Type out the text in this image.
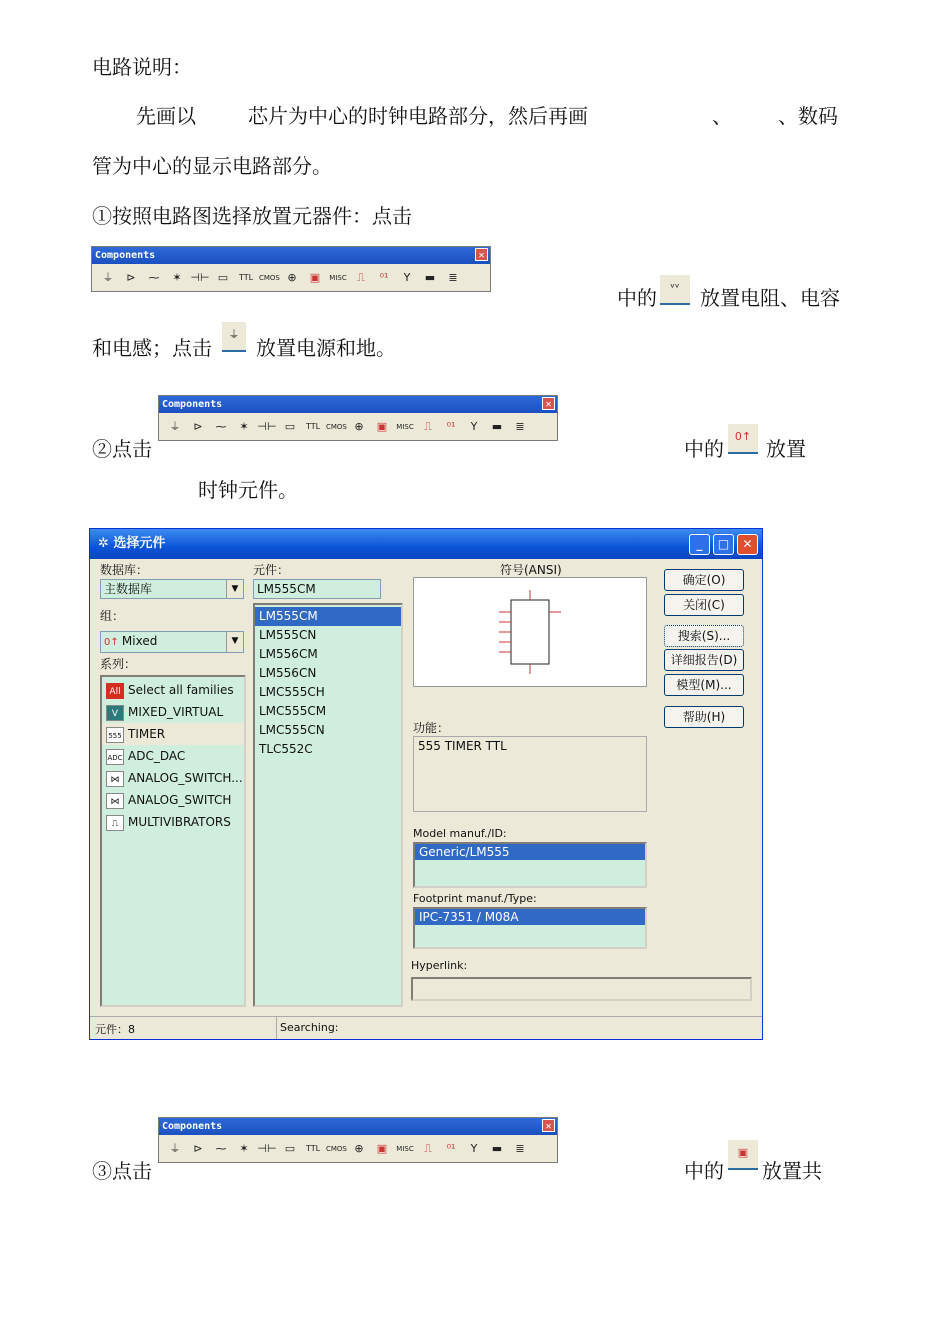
电路说明：
先画以	芯片为中心的时钟电路部分，然后再画	、 、数码
管为中心的显示电路部分。
①按照电路图选择放置元器件：点击
Components	✕
⏚	⊳	⁓	✶ ⊣⊢ ▭	TTL CMOS ⊕	▣	MISC ⎍	⁰¹	Y	▬	≣
中的	ᵛᵛ	放置电阻、电容
和电感；点击
⏚
放置电源和地。
②点击
Components	✕
⏚	⊳	⁓	✶ ⊣⊢ ▭	TTL CMOS ⊕	▣	MISC ⎍	⁰¹	Y	▬	≣
中的
0↑
放置
时钟元件。
✲ 选择元件	_	□	✕
数据库：
主数据库	▼
组：
0↑ Mixed	▼
系列：
All Select all families
V MIXED_VIRTUAL
555 TIMER
ADC ADC_DAC
⋈ ANALOG_SWITCH...
⋈ ANALOG_SWITCH
⎍ MULTIVIBRATORS
元件：
LM555CM
LM555CM
LM555CN
LM556CM
LM556CN
LMC555CH
LMC555CM
LMC555CN
TLC552C
符号(ANSI)
功能：
555 TIMER TTL
Model manuf./ID:
Generic/LM555
Footprint manuf./Type:
IPC-7351 / M08A
Hyperlink:
确定(O)
关闭(C)
搜索(S)...
详细报告(D)
模型(M)...
帮助(H)
元件：8	Searching:
③点击
Components	✕
⏚	⊳	⁓	✶ ⊣⊢ ▭	TTL CMOS ⊕	▣	MISC ⎍	⁰¹	Y	▬	≣
中的
▣
放置共
